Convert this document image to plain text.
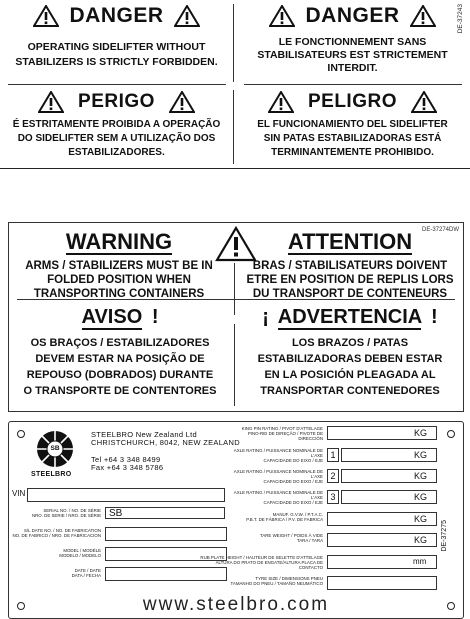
DANGER
OPERATING SIDELIFTER WITHOUT
STABILIZERS IS STRICTLY FORBIDDEN.
DANGER
LE FONCTIONNEMENT SANS
STABILISATEURS EST STRICTEMENT
INTERDIT.
DE-37243
PERIGO
É ESTRITAMENTE PROIBIDA A OPERAÇÃO
DO SIDELIFTER SEM A UTILIZAÇÃO DOS
ESTABILIZADORES.
PELIGRO
EL FUNCIONAMIENTO DEL SIDELIFTER
SIN PATAS ESTABILIZADORAS ESTÁ
TERMINANTEMENTE PROHIBIDO.
DE-37274DW
WARNING
ARMS / STABILIZERS MUST BE IN
FOLDED POSITION WHEN
TRANSPORTING CONTAINERS
ATTENTION
BRAS / STABILISATEURS DOIVENT
ETRE EN POSITION DE REPLIS LORS
DU TRANSPORT DE CONTENEURS
AVISO !
OS BRAÇOS / ESTABILIZADORES
DEVEM ESTAR NA POSIÇÃO DE
REPOUSO (DOBRADOS) DURANTE
O TRANSPORTE DE CONTENTORES
¡ ADVERTENCIA !
LOS BRAZOS / PATAS
ESTABILIZADORAS DEBEN ESTAR
EN LA POSICIÓN PLEAGADA AL
TRANSPORTAR CONTENEDORES
SB
STEELBRO
STEELBRO New Zealand Ltd
CHRISTCHURCH, 8042, NEW ZEALAND
Tel +64 3 348 8499
Fax +64 3 348 5786
VIN
SERIAL NO. / NO. DE SÉRIE
NRO. DE SERIE / NRO. DE SÉRIE SB
S/L DATE NO. / NO. DE FABRICATION
NO. DE FABRICO / NRO. DE FABRICACION
MODEL / MODÈLE
MODELO / MODELO
DATE / DATE
DATA / FECHA
KING PIN RATING / PIVOT D'ATTELAGE
PINO-REI DE DIREÇÃO / PIVOTE DE DIRECCIÓN
KG
AXLE RATING / PUISSANCE NOMINALE DE L'AXE
CAPACIDADE DO EIXO / EJE
1	KG
AXLE RATING / PUISSANCE NOMINALE DE L'AXE
CAPACIDADE DO EIXO / EJE
2	KG
AXLE RATING / PUISSANCE NOMINALE DE L'AXE
CAPACIDADE DO EIXO / EJE
3	KG
MANUF. G.V.W. / P.T.A.C.
P.B.T. DE FÁBRICA / P.V. DE FABRICA	KG
TARE WEIGHT / POIDS À VIDE
TARA / TARA	KG
RUB PLATE HEIGHT / HAUTEUR DE SELETTE D'ATTELAGE
ALTURA DO PRATO DE ENGATE/ALTURA PLACA DE CONTACTO
mm
TYRE SIZE / DIMENSIONS PNEU
TAMANHO DO PNEU / TAMAÑO NEUMÁTICO
DE-37275
www.steelbro.com
